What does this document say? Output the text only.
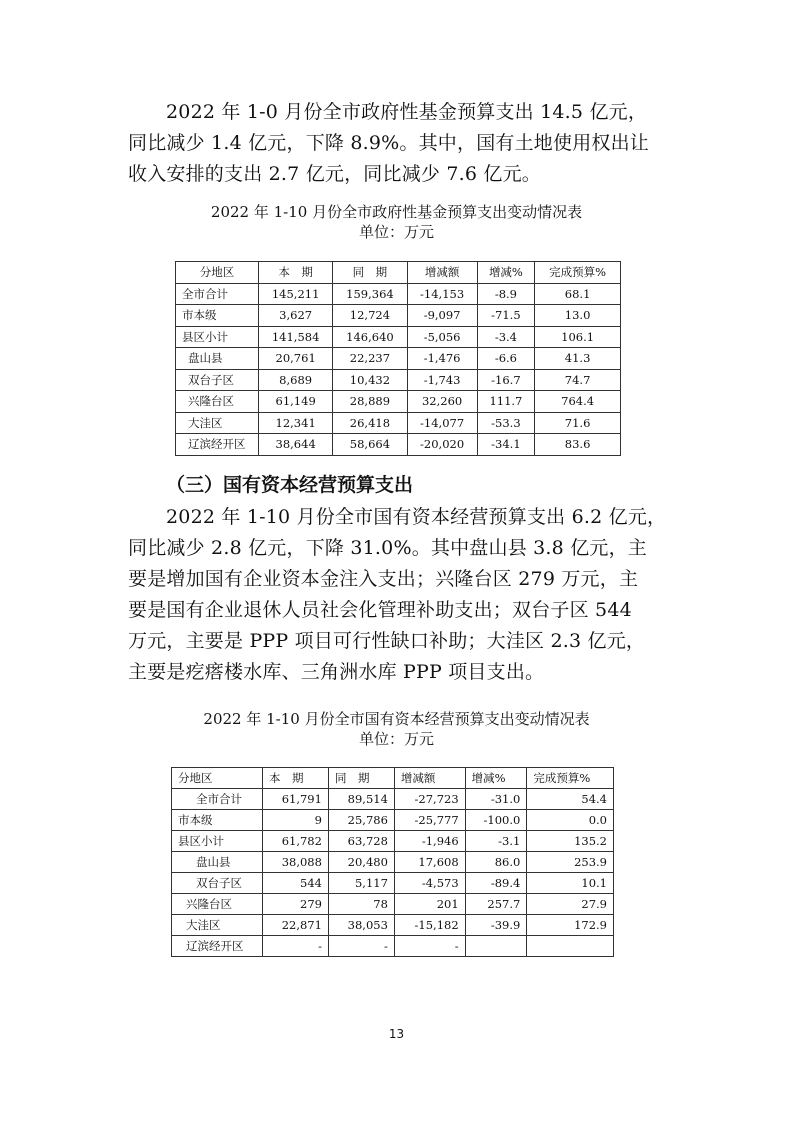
2022 年 1-0 月份全市政府性基金预算支出 14.5 亿元，
同比减少 1.4 亿元，下降 8.9%。其中，国有土地使用权出让
收入安排的支出 2.7 亿元，同比减少 7.6 亿元。
2022 年 1-10 月份全市政府性基金预算支出变动情况表
单位：万元
分地区	本　期	同　期	增减额	增减%	完成预算%
全市合计	145,211	159,364	-14,153	-8.9	68.1
市本级	3,627	12,724	-9,097	-71.5	13.0
县区小计	141,584	146,640	-5,056	-3.4	106.1
盘山县	20,761	22,237	-1,476	-6.6	41.3
双台子区	8,689	10,432	-1,743	-16.7	74.7
兴隆台区	61,149	28,889	32,260	111.7	764.4
大洼区	12,341	26,418	-14,077	-53.3	71.6
辽滨经开区	38,644	58,664	-20,020	-34.1	83.6
（三）国有资本经营预算支出
2022 年 1-10 月份全市国有资本经营预算支出 6.2 亿元，
同比减少 2.8 亿元，下降 31.0%。其中盘山县 3.8 亿元，主
要是增加国有企业资本金注入支出；兴隆台区 279 万元，主
要是国有企业退休人员社会化管理补助支出；双台子区 544
万元，主要是 PPP 项目可行性缺口补助；大洼区 2.3 亿元，
主要是疙瘩楼水库、三角洲水库 PPP 项目支出。
2022 年 1-10 月份全市国有资本经营预算支出变动情况表
单位：万元
分地区	本　期	同　期	增减额	增减%	完成预算%
全市合计	61,791	89,514	-27,723	-31.0	54.4
市本级	9	25,786	-25,777	-100.0	0.0
县区小计	61,782	63,728	-1,946	-3.1	135.2
盘山县	38,088	20,480	17,608	86.0	253.9
双台子区	544	5,117	-4,573	-89.4	10.1
兴隆台区	279	78	201	257.7	27.9
大洼区	22,871	38,053	-15,182	-39.9	172.9
辽滨经开区	-	-	-		
13
